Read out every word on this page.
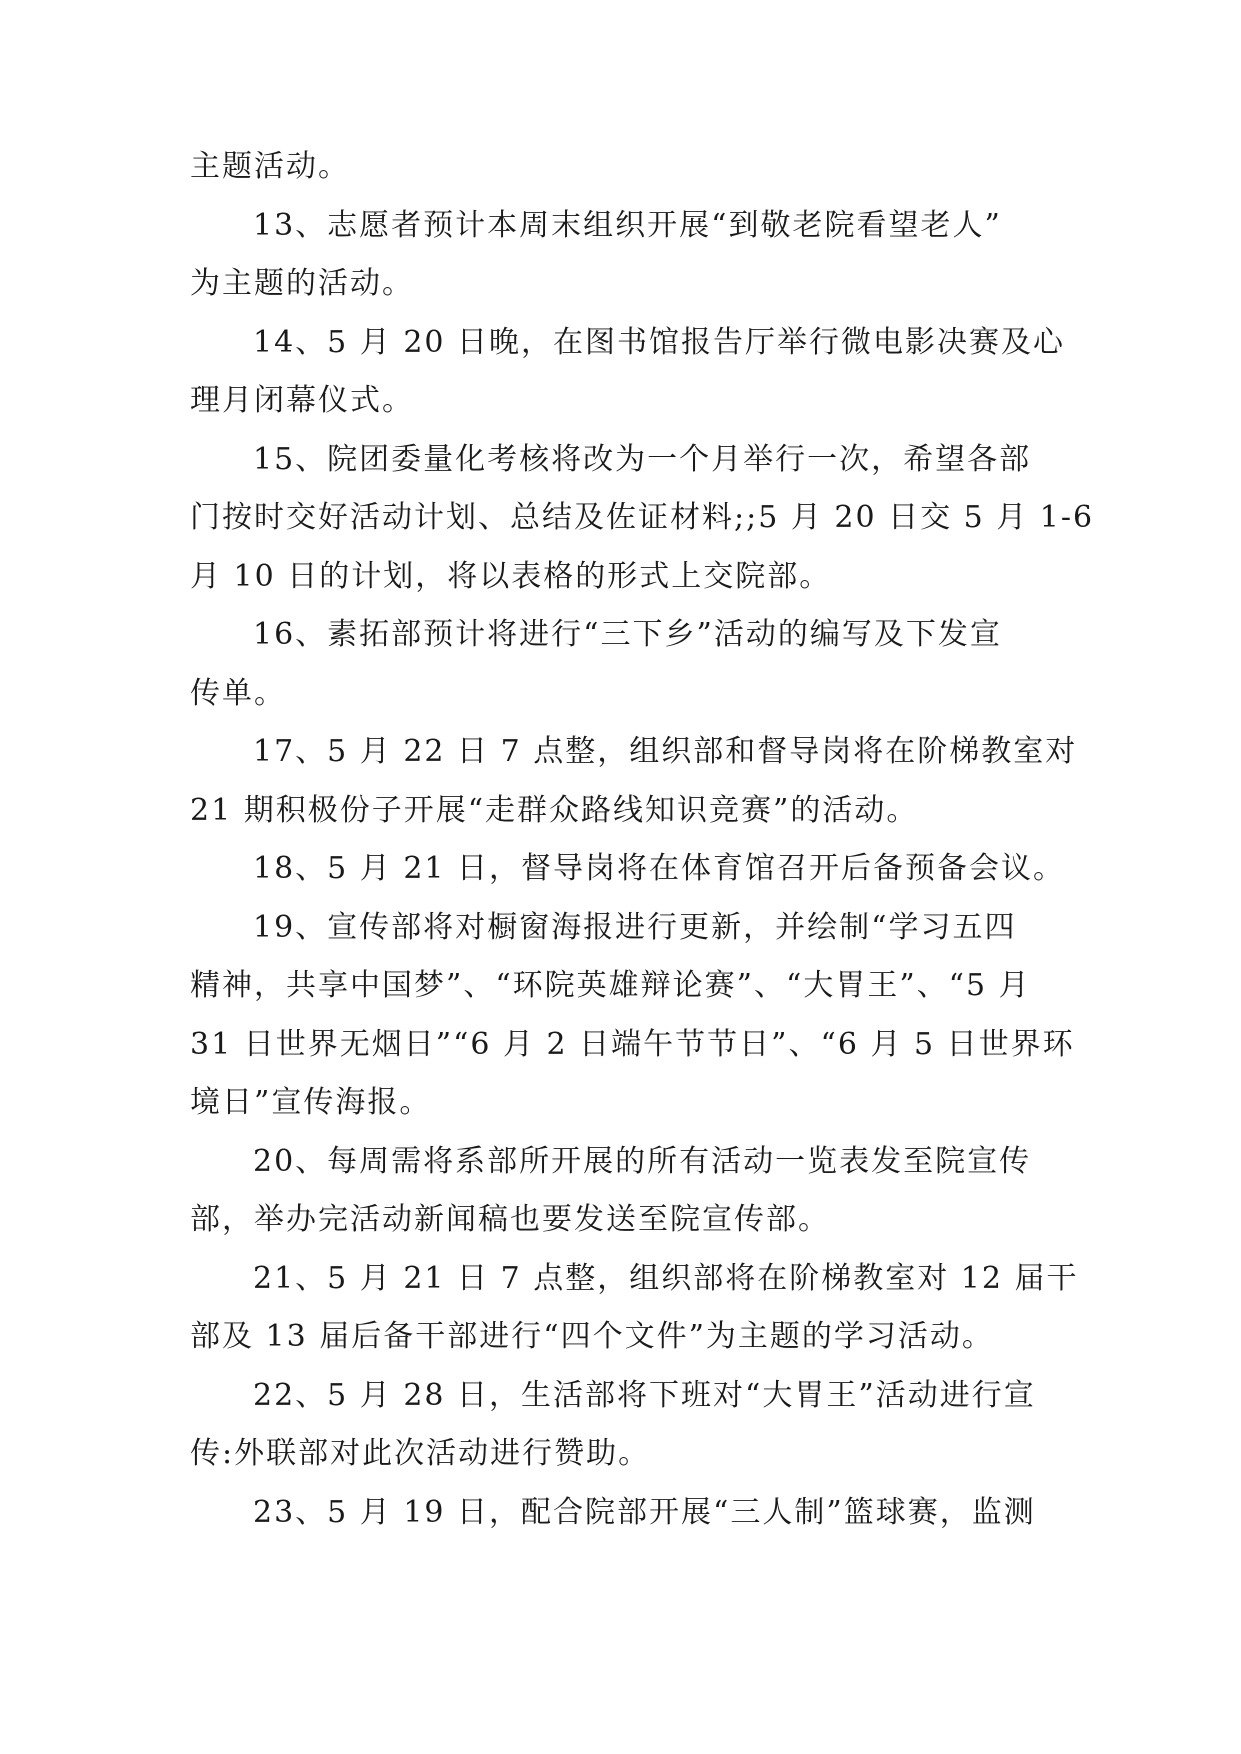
主题活动。
13、志愿者预计本周末组织开展“到敬老院看望老人”
为主题的活动。
14、5 月 20 日晚，在图书馆报告厅举行微电影决赛及心
理月闭幕仪式。
15、院团委量化考核将改为一个月举行一次，希望各部
门按时交好活动计划、总结及佐证材料;;5 月 20 日交 5 月 1-6
月 10 日的计划，将以表格的形式上交院部。
16、素拓部预计将进行“三下乡”活动的编写及下发宣
传单。
17、5 月 22 日 7 点整，组织部和督导岗将在阶梯教室对
21 期积极份子开展“走群众路线知识竞赛”的活动。
18、5 月 21 日，督导岗将在体育馆召开后备预备会议。
19、宣传部将对橱窗海报进行更新，并绘制“学习五四
精神，共享中国梦”、“环院英雄辩论赛”、“大胃王”、“5 月
31 日世界无烟日”“6 月 2 日端午节节日”、“6 月 5 日世界环
境日”宣传海报。
20、每周需将系部所开展的所有活动一览表发至院宣传
部，举办完活动新闻稿也要发送至院宣传部。
21、5 月 21 日 7 点整，组织部将在阶梯教室对 12 届干
部及 13 届后备干部进行“四个文件”为主题的学习活动。
22、5 月 28 日，生活部将下班对“大胃王”活动进行宣
传:外联部对此次活动进行赞助。
23、5 月 19 日，配合院部开展“三人制”篮球赛，监测
